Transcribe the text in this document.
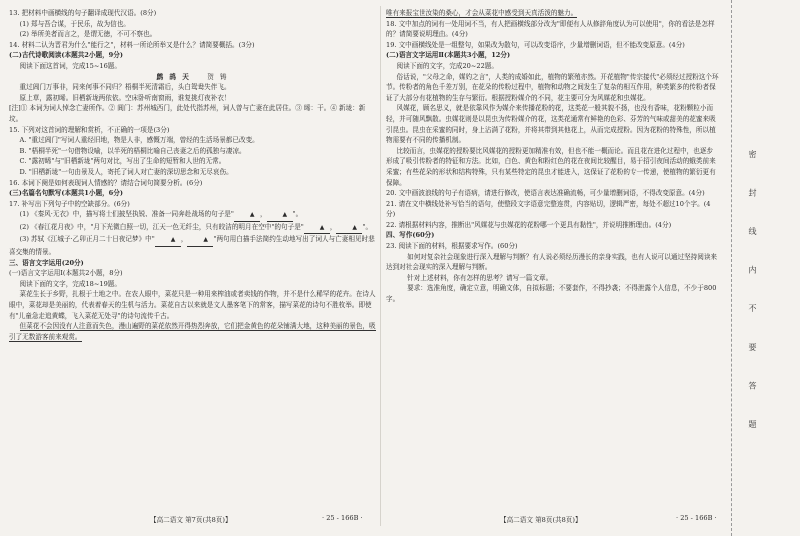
13. 把材料中画横线的句子翻译成现代汉语。(8分)

(1) 郑与吾合谋，于民乐，故为信也。

(2) 举所美者而言之，是谓无徳，不可不察也。

14. 材料二认为晋君为什么"能行之"，材料一所论所举又是什么？请简要概括。(3分)

(二)古代诗歌阅读(本题共2小题，9分)

阅读下面这首词，完成15~16题。

鹧 鸪 天 贺 铸

重过阊门万事非，同来何事不同归？梧桐半死清霜后，头白鸳鸯失伴飞。

原上草，露初晞。旧栖新垅两依依。空床卧听南窗雨，谁复挑灯夜补衣！

[注]① 本词为词人悼念亡妻所作。② 阊门：苏州城西门，此处代指苏州，词人曾与亡妻在此居住。③ 晞：干。④ 新垅：新坟。

15. 下列对这首词的理解和赏析，不正确的一项是(3分)

A. "重过阊门"写词人重经旧地，物是人非，感慨万端，曾经的生活场景都已改变。

B. "梧桐半死"一句借物设喻，以半死的梧桐比喻自己丧妻之后的孤独与凄凉。

C. "露初晞"与"旧栖新垅"两句对比，写出了生命的短暂和人世的无常。

D. "旧栖新垅"一句由景及人，寄托了词人对亡妻的深切思念和无尽哀伤。

16. 本词下阕是如何表现词人情感的？请结合词句简要分析。(6分)

(三)名篇名句默写(本题共1小题，6分)

17. 补写出下列句子中的空缺部分。(6分)

(1) 《秦风·无衣》中，描写将士们披坚执锐、准备一同奔赴战场的句子是"	▲ ，	▲ "。

(2) 《春江花月夜》中，"月下光微白照一切，江天一色无纤尘，只有皎洁的明月在空中"的句子是"	▲ ，	▲ "。

(3) 苏轼《江城子·乙卯正月二十日夜记梦》中"	▲ ，	▲ "两句用白描手法简约生动地写出了词人与亡妻相见时悲喜交集的情景。

三、语言文字运用(20分)

(一)语言文字运用Ⅰ(本题共2小题，8分)

阅读下面的文字，完成18~19题。

菜花生长于乡野，扎根于土地之中。在农人眼中，菜花只是一种用来榨油或者卖钱的作物，并不是什么稀罕的花卉。在诗人眼中，菜花却是美丽的，代表着春天的生机与活力。菜花自古以来就是文人墨客笔下的常客，描写菜花的诗句不胜枚举。即使有"儿童急走追黄蝶，飞入菜花无处寻"的诗句流传千古。

但菜花不会因没有人注意而失色，漫山遍野的菜花依然开得热烈奔放，它们把金黄色的花朵铺满大地，这种美丽的景色，吸引了无数游客前来观赏。

唯有来报宝世汝染的桑心，才会从菜花中感受到天真活泼的魅力。

18. 文中加点的词有一处用词不当，有人把画横线部分改为"即便有人从修辞角度认为可以使用"，你的看法是怎样的？请简要说明理由。(4分)

19. 文中画横线处是一组整句，如果改为散句，可以改变语序，少量增删词语，但不能改变原意。(4分)

(二)语言文字运用Ⅱ(本题共3小题，12分)

阅读下面的文字，完成20~22题。

俗话说，"父母之命，媒妁之言"，人类的成婚如此，植物的繁殖亦然。开花植物"传宗接代"必须经过授粉这个环节。传粉者的角色千差万别，在花朵的传粉过程中，植物和动物之间发生了复杂的相互作用，种类繁多的传粉者保证了大部分有花植物的生存与繁衍。根据授粉媒介的不同，花主要可分为风媒花和虫媒花。

风媒花，顾名思义，就是依靠风作为媒介来传播花粉的花，这类花一般其貌不扬，也没有香味，花粉颗粒小而轻，并可随风飘散。虫媒花则是以昆虫为传粉媒介的花，这类花通常有鲜艳的色彩、芬芳的气味或甜美的花蜜来吸引昆虫。昆虫在采蜜的同时，身上沾满了花粉，并将其带到其他花上，从而完成授粉。因为花粉的特殊性，所以植物需要有不同的传播机制。

比较而言，虫媒花的授粉要比风媒花的授粉更加精准有效，但也不能一概而论。而且花在进化过程中，也逐步形成了吸引传粉者的特征和方法。比如，白色、黄色和粉红色的花在夜间比较醒目，易于招引夜间活动的蛾类前来采蜜；有些花朵的形状和结构特殊，只有某些特定的昆虫才能进入，这保证了花粉的专一传递，使植物的繁衍更有保障。

20. 文中画波浪线的句子有语病，请进行修改，使语言表达准确流畅，可少量增删词语，不得改变原意。(4分)

21. 请在文中横线处补写恰当的语句，使整段文字语意完整连贯，内容贴切，逻辑严密，每处不超过10个字。(4分)

22. 请根据材料内容，推断出"风媒花与虫媒花的花粉哪一个更具有黏性"，并说明推断理由。(4分)

四、写作(60分)

23. 阅读下面的材料，根据要求写作。(60分)

如何对复杂社会现象进行深入理解与判断？有人说必须经历漫长的亲身实践，也有人说可以通过坚持阅读来达到对社会现实的深入理解与判断。

针对上述材料，你有怎样的思考？请写一篇文章。

要求：选准角度，确定立意，明确文体，自拟标题；不要套作，不得抄袭；不得泄露个人信息，不少于800字。

【高二语文 第7页(共8页)】	· 25 - 166B ·	【高二语文 第8页(共8页)】	· 25 - 166B ·
密 封 线 内 不 要 答 题
